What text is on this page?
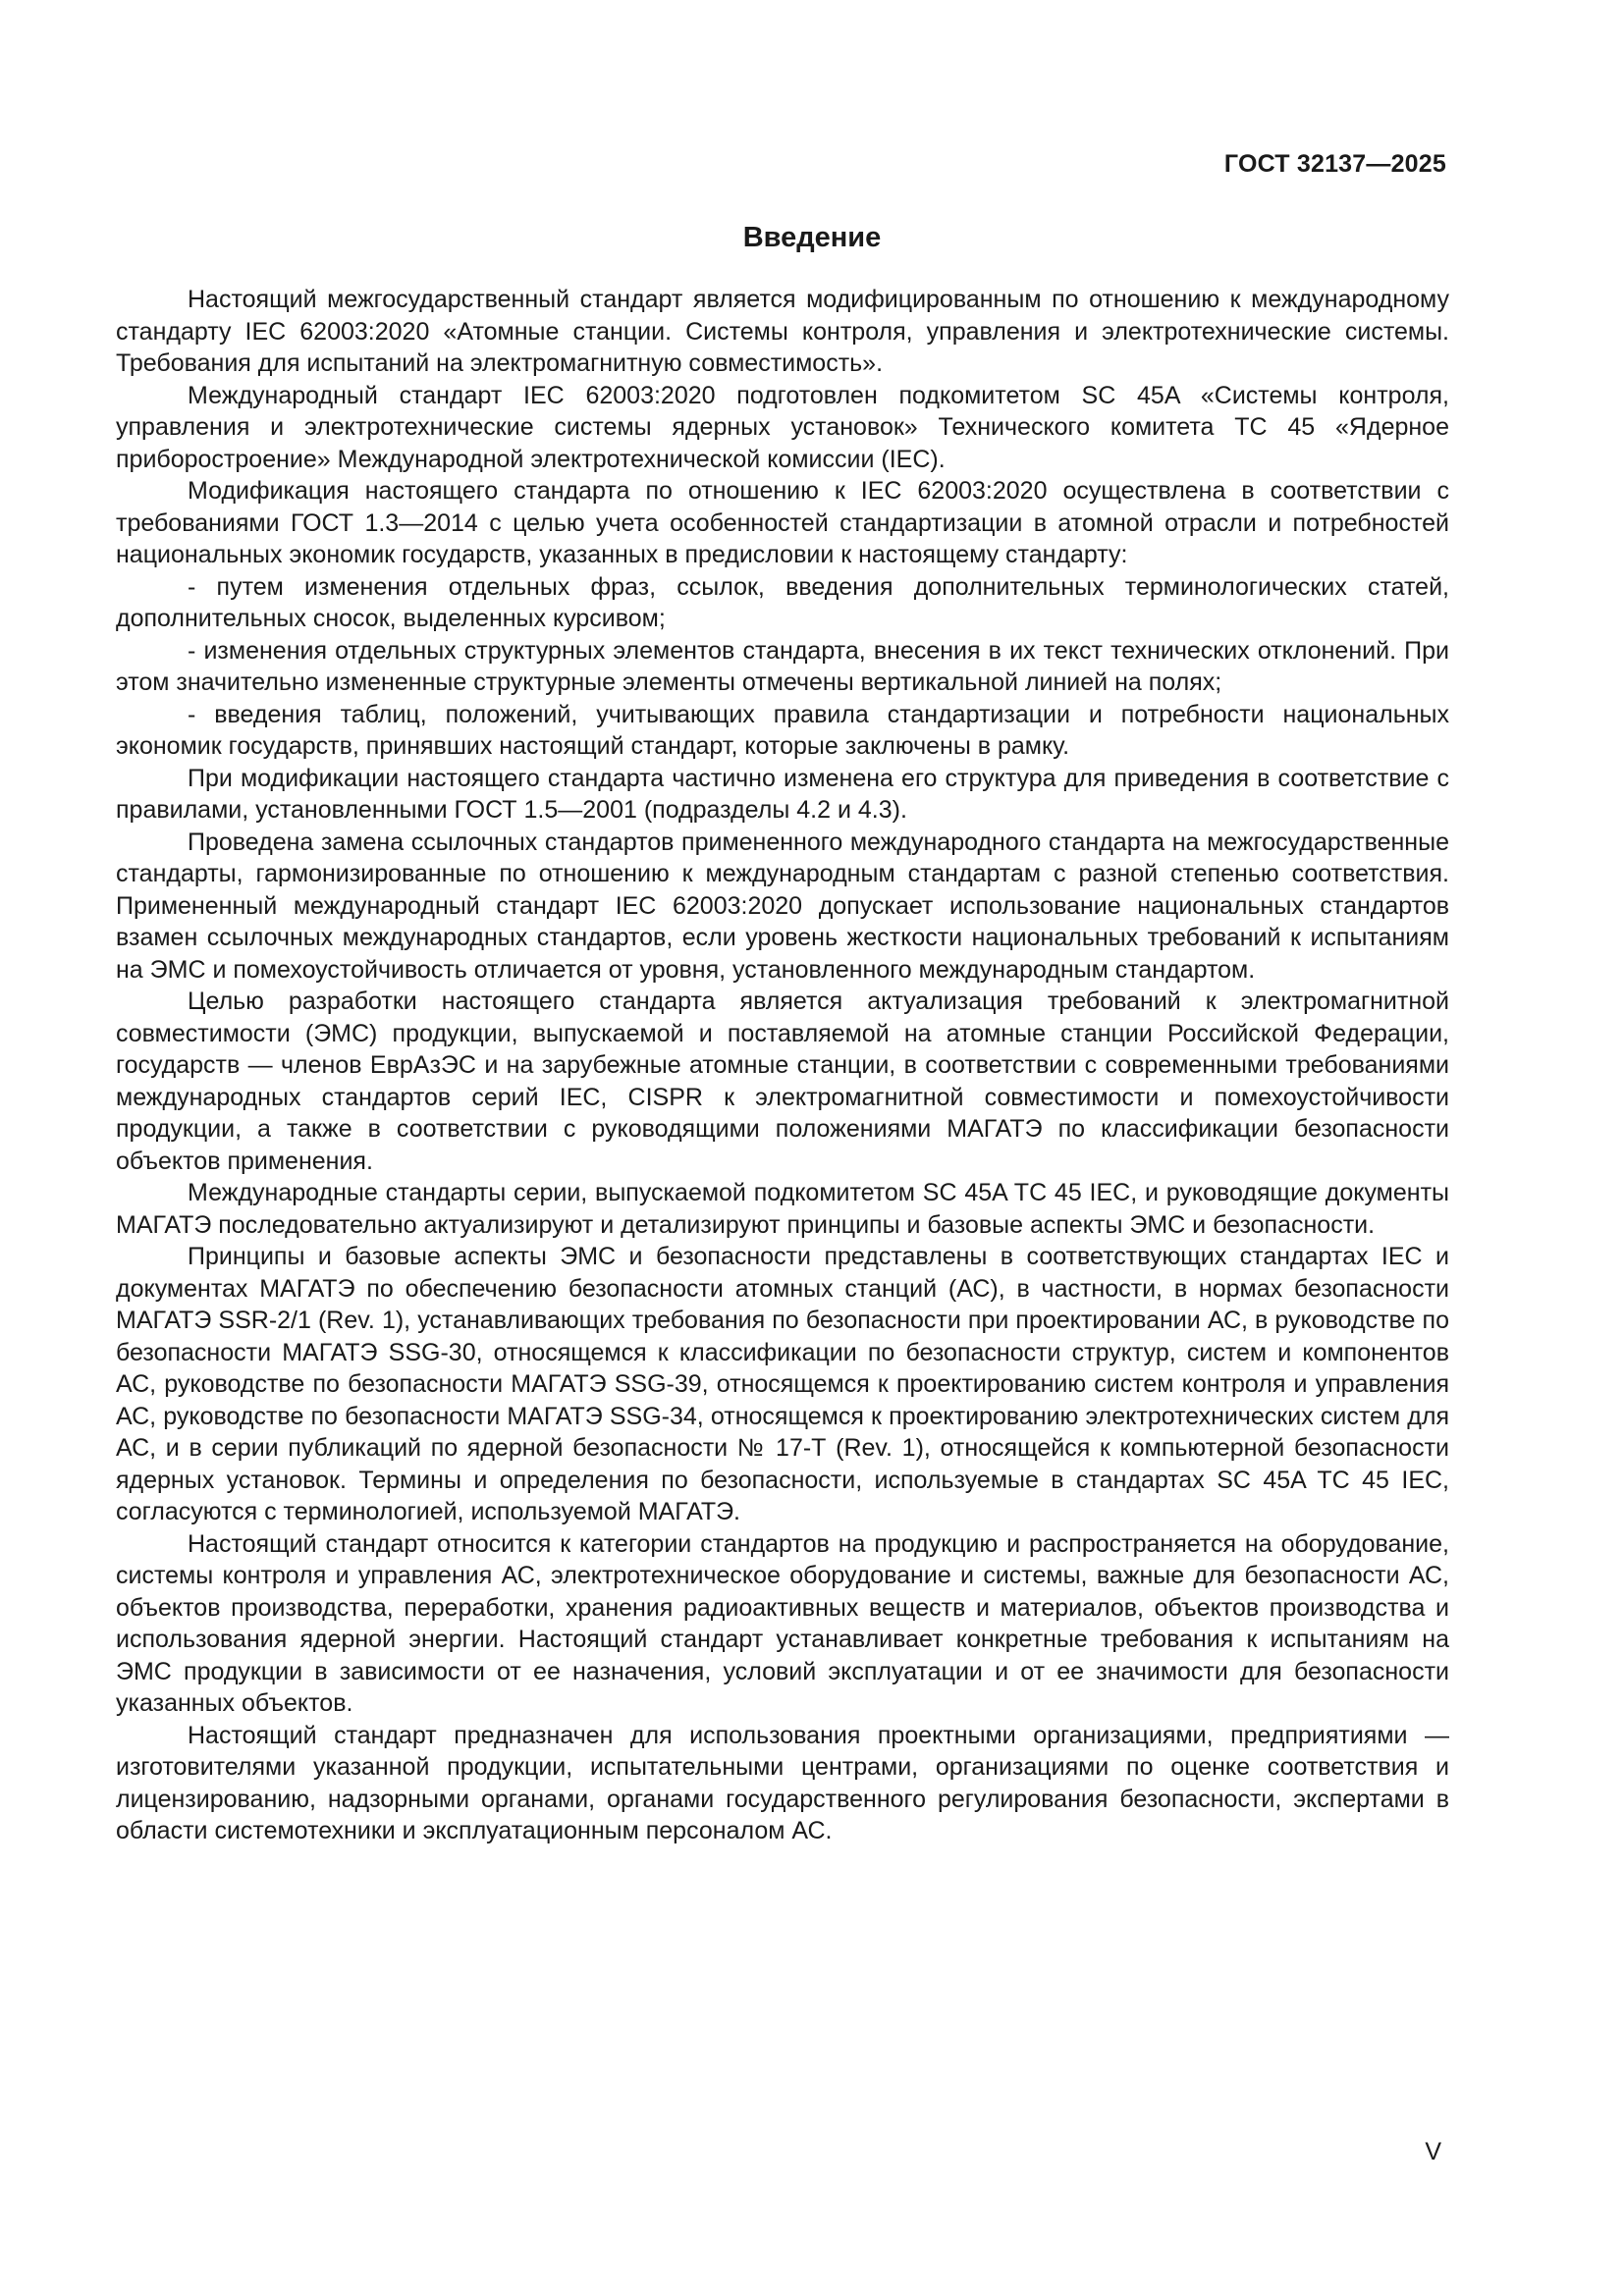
ГОСТ 32137—2025
Введение

Настоящий межгосударственный стандарт является модифицированным по отношению к международному стандарту IEC 62003:2020 «Атомные станции. Системы контроля, управления и электротехнические системы. Требования для испытаний на электромагнитную совместимость».

Международный стандарт IEC 62003:2020 подготовлен подкомитетом SC 45A «Системы контроля, управления и электротехнические системы ядерных установок» Технического комитета ТС 45 «Ядерное приборостроение» Международной электротехнической комиссии (IEC).

Модификация настоящего стандарта по отношению к IEC 62003:2020 осуществлена в соответствии с требованиями ГОСТ 1.3—2014 с целью учета особенностей стандартизации в атомной отрасли и потребностей национальных экономик государств, указанных в предисловии к настоящему стандарту:

- путем изменения отдельных фраз, ссылок, введения дополнительных терминологических статей, дополнительных сносок, выделенных курсивом;

- изменения отдельных структурных элементов стандарта, внесения в их текст технических отклонений. При этом значительно измененные структурные элементы отмечены вертикальной линией на полях;

- введения таблиц, положений, учитывающих правила стандартизации и потребности национальных экономик государств, принявших настоящий стандарт, которые заключены в рамку.

При модификации настоящего стандарта частично изменена его структура для приведения в соответствие с правилами, установленными ГОСТ 1.5—2001 (подразделы 4.2 и 4.3).

Проведена замена ссылочных стандартов примененного международного стандарта на межгосударственные стандарты, гармонизированные по отношению к международным стандартам с разной степенью соответствия. Примененный международный стандарт IEC 62003:2020 допускает использование национальных стандартов взамен ссылочных международных стандартов, если уровень жесткости национальных требований к испытаниям на ЭМС и помехоустойчивость отличается от уровня, установленного международным стандартом.

Целью разработки настоящего стандарта является актуализация требований к электромагнитной совместимости (ЭМС) продукции, выпускаемой и поставляемой на атомные станции Российской Федерации, государств — членов ЕврАзЭС и на зарубежные атомные станции, в соответствии с современными требованиями международных стандартов серий IEC, CISPR к электромагнитной совместимости и помехоустойчивости продукции, а также в соответствии с руководящими положениями МАГАТЭ по классификации безопасности объектов применения.

Международные стандарты серии, выпускаемой подкомитетом SC 45A TC 45 IEC, и руководящие документы МАГАТЭ последовательно актуализируют и детализируют принципы и базовые аспекты ЭМС и безопасности.

Принципы и базовые аспекты ЭМС и безопасности представлены в соответствующих стандартах IEC и документах МАГАТЭ по обеспечению безопасности атомных станций (АС), в частности, в нормах безопасности МАГАТЭ SSR-2/1 (Rev. 1), устанавливающих требования по безопасности при проектировании АС, в руководстве по безопасности МАГАТЭ SSG-30, относящемся к классификации по безопасности структур, систем и компонентов АС, руководстве по безопасности МАГАТЭ SSG-39, относящемся к проектированию систем контроля и управления АС, руководстве по безопасности МАГАТЭ SSG-34, относящемся к проектированию электротехнических систем для АС, и в серии публикаций по ядерной безопасности № 17-Т (Rev. 1), относящейся к компьютерной безопасности ядерных установок. Термины и определения по безопасности, используемые в стандартах SC 45A TC 45 IEC, согласуются с терминологией, используемой МАГАТЭ.

Настоящий стандарт относится к категории стандартов на продукцию и распространяется на оборудование, системы контроля и управления АС, электротехническое оборудование и системы, важные для безопасности АС, объектов производства, переработки, хранения радиоактивных веществ и материалов, объектов производства и использования ядерной энергии. Настоящий стандарт устанавливает конкретные требования к испытаниям на ЭМС продукции в зависимости от ее назначения, условий эксплуатации и от ее значимости для безопасности указанных объектов.

Настоящий стандарт предназначен для использования проектными организациями, предприятиями — изготовителями указанной продукции, испытательными центрами, организациями по оценке соответствия и лицензированию, надзорными органами, органами государственного регулирования безопасности, экспертами в области системотехники и эксплуатационным персоналом АС.

V
